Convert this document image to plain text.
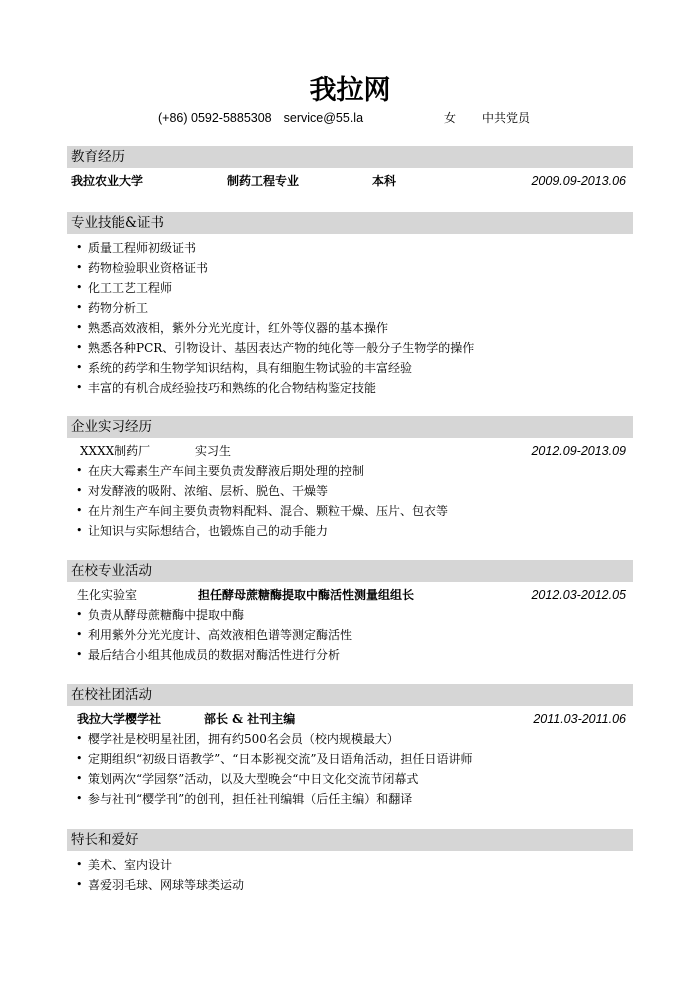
我拉网
(+86) 0592-5885308 service@55.la	女 中共党员
教育经历
我拉农业大学	制药工程专业	本科	2009.09-2013.06
专业技能&证书
• 质量工程师初级证书
• 药物检验职业资格证书
• 化工工艺工程师
• 药物分析工
• 熟悉高效液相，紫外分光光度计，红外等仪器的基本操作
• 熟悉各种PCR、引物设计、基因表达产物的纯化等一般分子生物学的操作
• 系统的药学和生物学知识结构，具有细胞生物试验的丰富经验
• 丰富的有机合成经验技巧和熟练的化合物结构鉴定技能
企业实习经历
XXXX制药厂	实习生	2012.09-2013.09
• 在庆大霉素生产车间主要负责发酵液后期处理的控制
• 对发酵液的吸附、浓缩、层析、脱色、干燥等
• 在片剂生产车间主要负责物料配料、混合、颗粒干燥、压片、包衣等
• 让知识与实际想结合，也锻炼自己的动手能力
在校专业活动
生化实验室	担任酵母蔗糖酶提取中酶活性测量组组长	2012.03-2012.05
• 负责从酵母蔗糖酶中提取中酶
• 利用紫外分光光度计、高效液相色谱等测定酶活性
• 最后结合小组其他成员的数据对酶活性进行分析
在校社团活动
我拉大学樱学社	部长 & 社刊主编	2011.03-2011.06
• 樱学社是校明星社团，拥有约500名会员（校内规模最大）
• 定期组织“初级日语教学”、“日本影视交流”及日语角活动，担任日语讲师
• 策划两次“学园祭”活动，以及大型晚会“中日文化交流节闭幕式
• 参与社刊“樱学刊”的创刊，担任社刊编辑（后任主编）和翻译
特长和爱好
• 美术、室内设计
• 喜爱羽毛球、网球等球类运动
